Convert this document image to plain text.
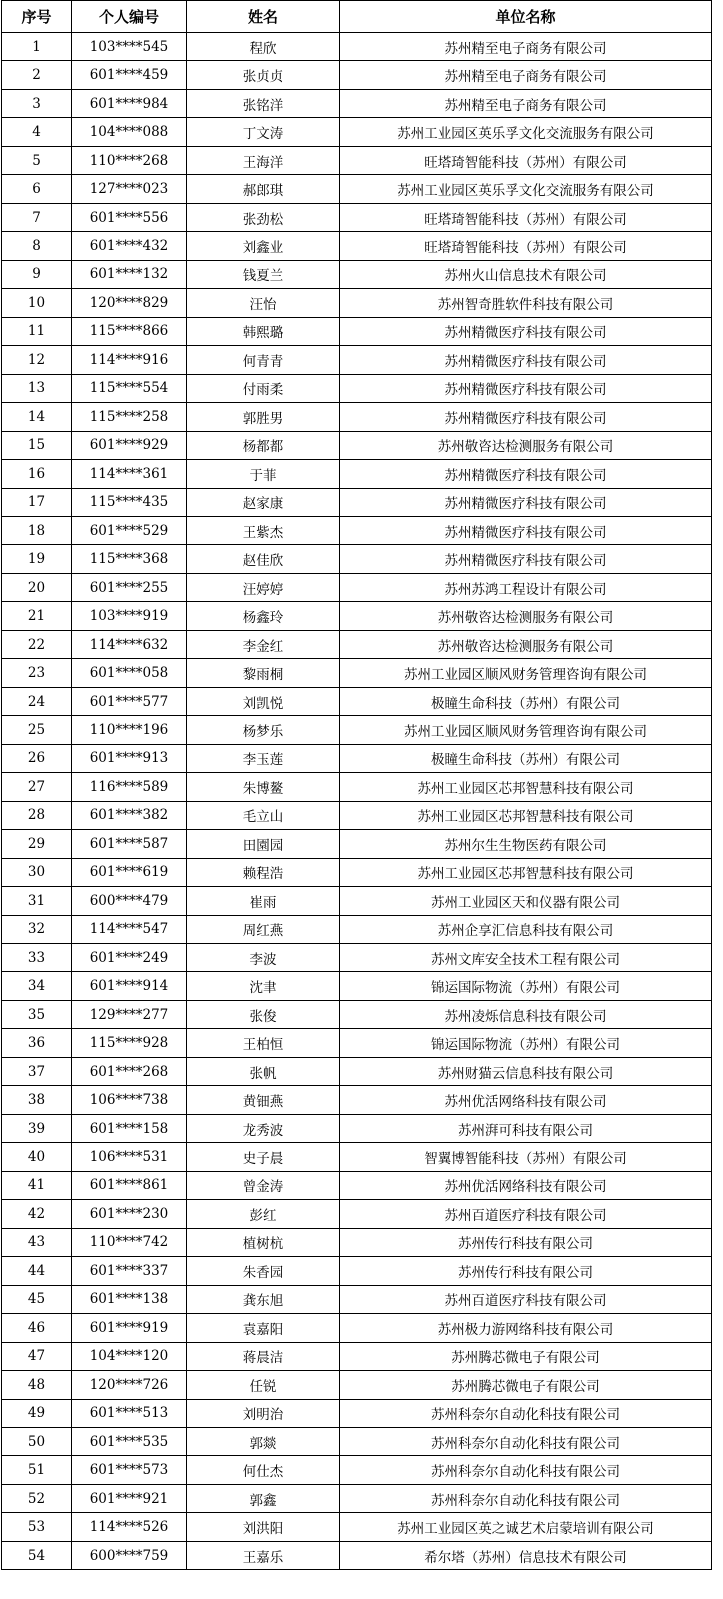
序号	个人编号	姓名	单位名称
1	103****545	程欣	苏州精至电子商务有限公司
2	601****459	张贞贞	苏州精至电子商务有限公司
3	601****984	张铭洋	苏州精至电子商务有限公司
4	104****088	丁文涛	苏州工业园区英乐孚文化交流服务有限公司
5	110****268	王海洋	旺塔琦智能科技（苏州）有限公司
6	127****023	郝郎琪	苏州工业园区英乐孚文化交流服务有限公司
7	601****556	张劲松	旺塔琦智能科技（苏州）有限公司
8	601****432	刘鑫业	旺塔琦智能科技（苏州）有限公司
9	601****132	钱夏兰	苏州火山信息技术有限公司
10	120****829	汪怡	苏州智奇胜软件科技有限公司
11	115****866	韩熙璐	苏州精微医疗科技有限公司
12	114****916	何青青	苏州精微医疗科技有限公司
13	115****554	付雨柔	苏州精微医疗科技有限公司
14	115****258	郭胜男	苏州精微医疗科技有限公司
15	601****929	杨都都	苏州敬咨达检测服务有限公司
16	114****361	于菲	苏州精微医疗科技有限公司
17	115****435	赵家康	苏州精微医疗科技有限公司
18	601****529	王紫杰	苏州精微医疗科技有限公司
19	115****368	赵佳欣	苏州精微医疗科技有限公司
20	601****255	汪婷婷	苏州苏鸿工程设计有限公司
21	103****919	杨鑫玲	苏州敬咨达检测服务有限公司
22	114****632	李金红	苏州敬咨达检测服务有限公司
23	601****058	黎雨桐	苏州工业园区顺风财务管理咨询有限公司
24	601****577	刘凯悦	极瞳生命科技（苏州）有限公司
25	110****196	杨梦乐	苏州工业园区顺风财务管理咨询有限公司
26	601****913	李玉莲	极瞳生命科技（苏州）有限公司
27	116****589	朱博鳌	苏州工业园区芯邦智慧科技有限公司
28	601****382	毛立山	苏州工业园区芯邦智慧科技有限公司
29	601****587	田園园	苏州尔生生物医药有限公司
30	601****619	赖程浩	苏州工业园区芯邦智慧科技有限公司
31	600****479	崔雨	苏州工业园区天和仪器有限公司
32	114****547	周红燕	苏州企享汇信息科技有限公司
33	601****249	李波	苏州文库安全技术工程有限公司
34	601****914	沈聿	锦运国际物流（苏州）有限公司
35	129****277	张俊	苏州凌烁信息科技有限公司
36	115****928	王柏恒	锦运国际物流（苏州）有限公司
37	601****268	张帆	苏州财猫云信息科技有限公司
38	106****738	黄钿燕	苏州优活网络科技有限公司
39	601****158	龙秀波	苏州湃可科技有限公司
40	106****531	史子晨	智翼博智能科技（苏州）有限公司
41	601****861	曾金涛	苏州优活网络科技有限公司
42	601****230	彭红	苏州百道医疗科技有限公司
43	110****742	植树杭	苏州传行科技有限公司
44	601****337	朱香园	苏州传行科技有限公司
45	601****138	龚东旭	苏州百道医疗科技有限公司
46	601****919	袁嘉阳	苏州极力游网络科技有限公司
47	104****120	蒋晨洁	苏州腾芯微电子有限公司
48	120****726	任锐	苏州腾芯微电子有限公司
49	601****513	刘明治	苏州科奈尔自动化科技有限公司
50	601****535	郭燚	苏州科奈尔自动化科技有限公司
51	601****573	何仕杰	苏州科奈尔自动化科技有限公司
52	601****921	郭鑫	苏州科奈尔自动化科技有限公司
53	114****526	刘洪阳	苏州工业园区英之诚艺术启蒙培训有限公司
54	600****759	王嘉乐	希尔塔（苏州）信息技术有限公司
